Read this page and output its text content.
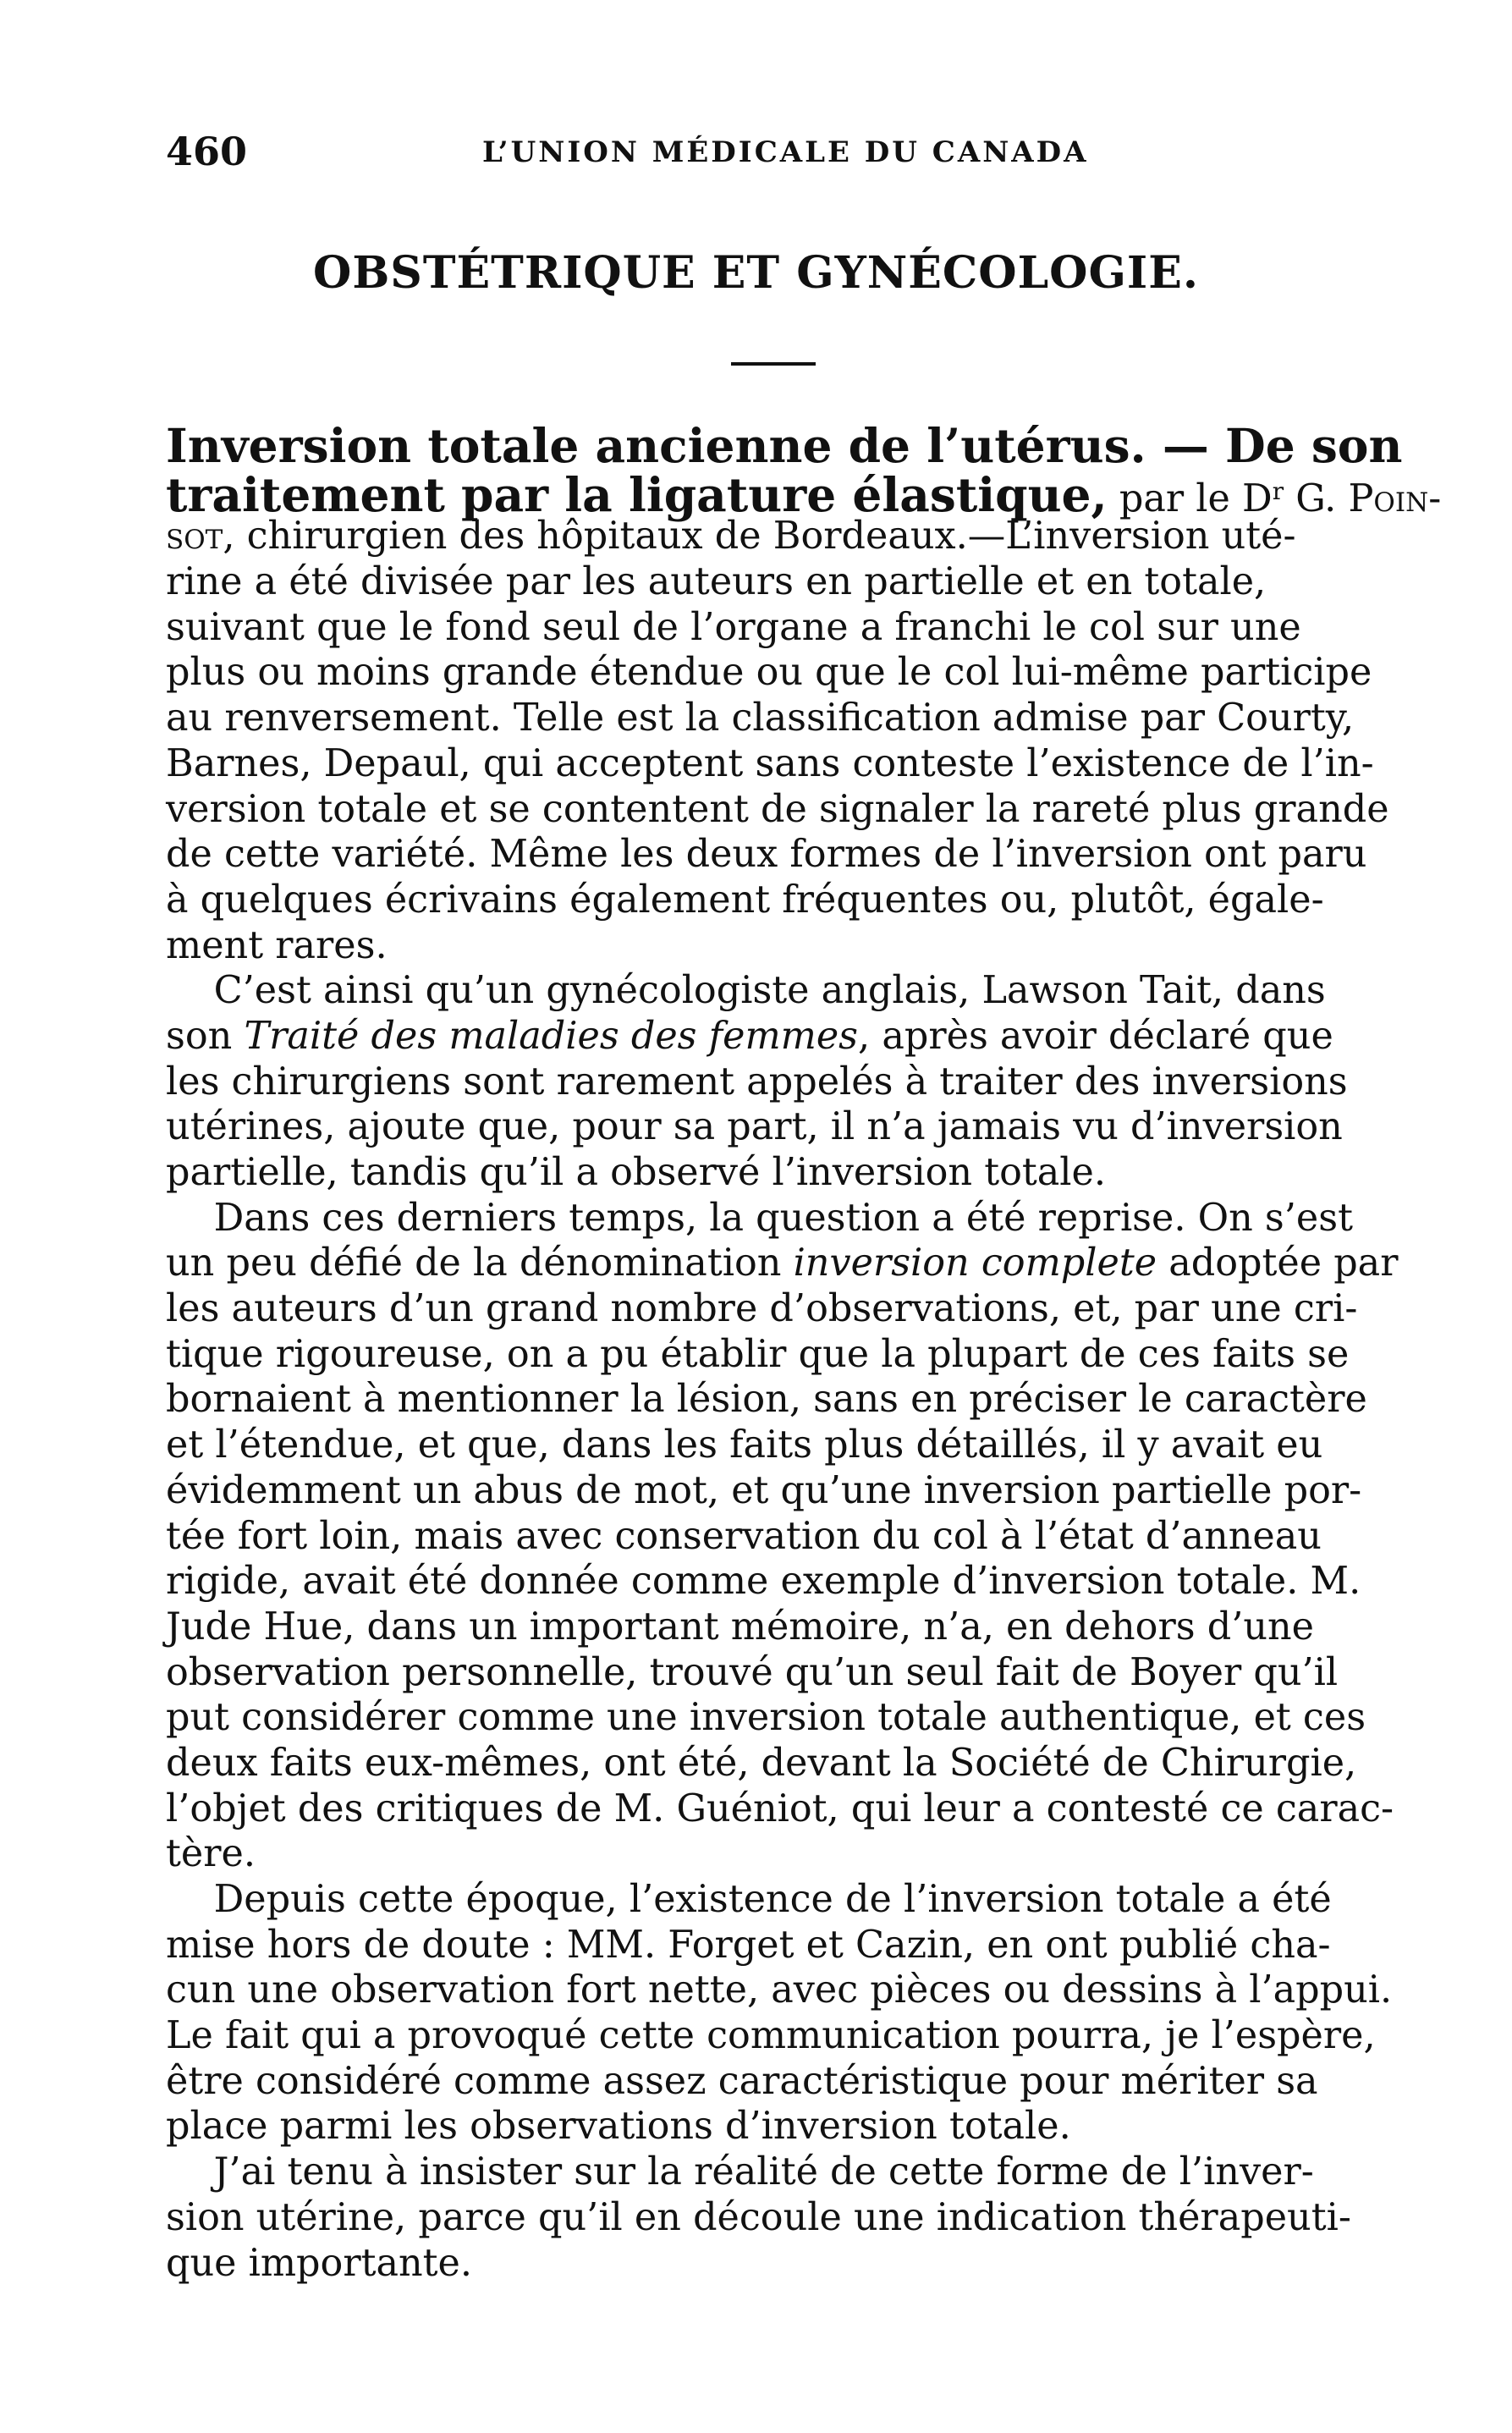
460	L’UNION MÉDICALE DU CANADA
OBSTÉTRIQUE ET GYNÉCOLOGIE.
Inversion totale ancienne de l’utérus. — De son
traitement par la ligature élastique, par le $D^r$ G. Poin-
sot, chirurgien des hôpitaux de Bordeaux.—L’inversion uté-
rine a été divisée par les auteurs en partielle et en totale,
suivant que le fond seul de l’organe a franchi le col sur une
plus ou moins grande étendue ou que le col lui-même participe
au renversement. Telle est la classification admise par Courty,
Barnes, Depaul, qui acceptent sans conteste l’existence de l’in-
version totale et se contentent de signaler la rareté plus grande
de cette variété. Même les deux formes de l’inversion ont paru
à quelques écrivains également fréquentes ou, plutôt, égale-
ment rares.
C’est ainsi qu’un gynécologiste anglais, Lawson Tait, dans
son Traité des maladies des femmes, après avoir déclaré que
les chirurgiens sont rarement appelés à traiter des inversions
utérines, ajoute que, pour sa part, il n’a jamais vu d’inversion
partielle, tandis qu’il a observé l’inversion totale.
Dans ces derniers temps, la question a été reprise. On s’est
un peu défié de la dénomination inversion complete adoptée par
les auteurs d’un grand nombre d’observations, et, par une cri-
tique rigoureuse, on a pu établir que la plupart de ces faits se
bornaient à mentionner la lésion, sans en préciser le caractère
et l’étendue, et que, dans les faits plus détaillés, il y avait eu
évidemment un abus de mot, et qu’une inversion partielle por-
tée fort loin, mais avec conservation du col à l’état d’anneau
rigide, avait été donnée comme exemple d’inversion totale. M.
Jude Hue, dans un important mémoire, n’a, en dehors d’une
observation personnelle, trouvé qu’un seul fait de Boyer qu’il
put considérer comme une inversion totale authentique, et ces
deux faits eux-mêmes, ont été, devant la Société de Chirurgie,
l’objet des critiques de M. Guéniot, qui leur a contesté ce carac-
tère.
Depuis cette époque, l’existence de l’inversion totale a été
mise hors de doute : MM. Forget et Cazin, en ont publié cha-
cun une observation fort nette, avec pièces ou dessins à l’appui.
Le fait qui a provoqué cette communication pourra, je l’espère,
être considéré comme assez caractéristique pour mériter sa
place parmi les observations d’inversion totale.
J’ai tenu à insister sur la réalité de cette forme de l’inver-
sion utérine, parce qu’il en découle une indication thérapeuti-
que importante.
